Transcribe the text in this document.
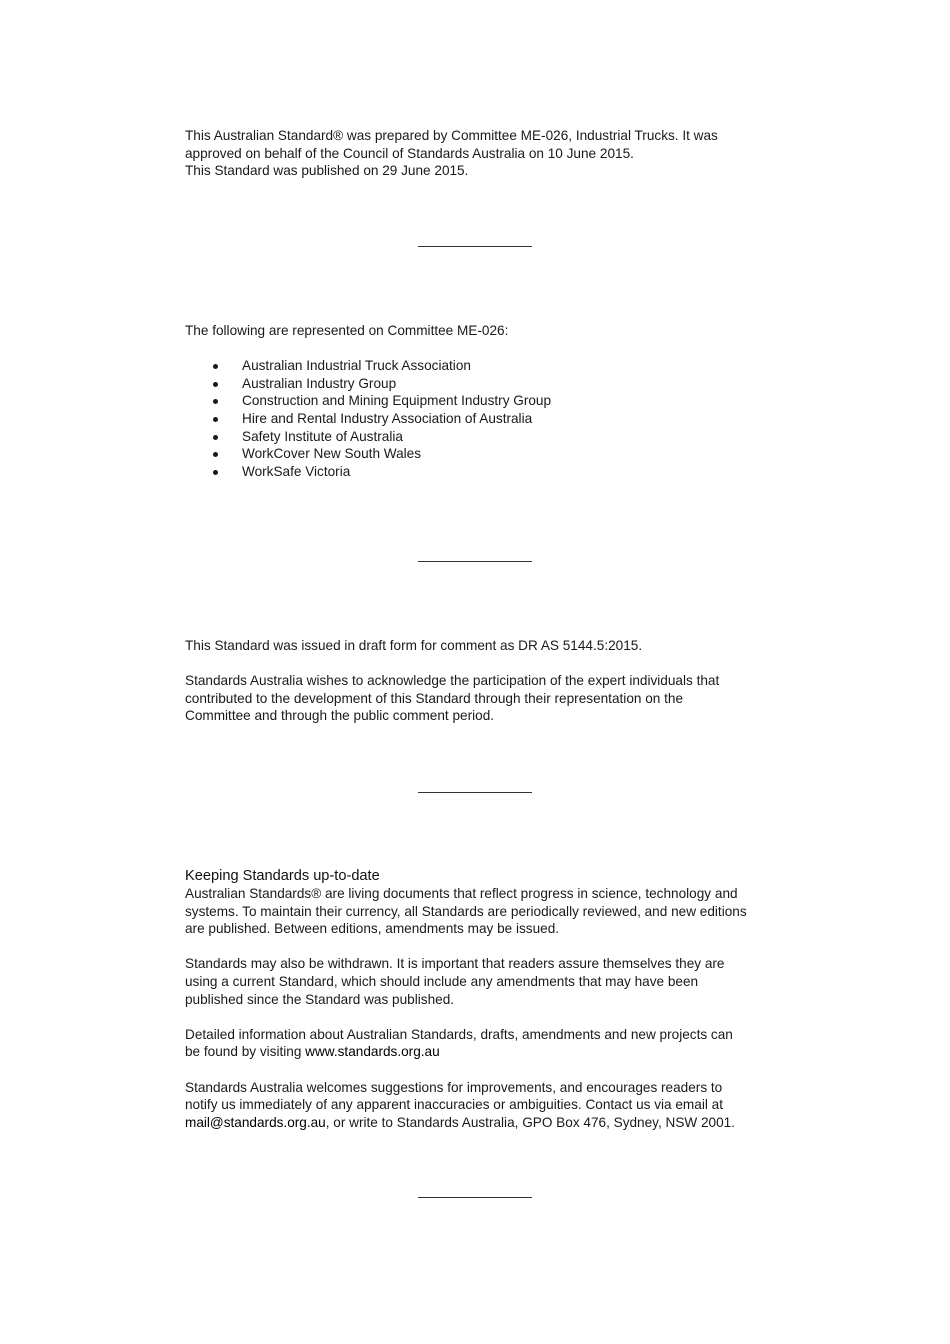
This Australian Standard® was prepared by Committee ME-026, Industrial Trucks. It was

approved on behalf of the Council of Standards Australia on 10 June 2015.

This Standard was published on 29 June 2015.

The following are represented on Committee ME-026:

Australian Industrial Truck Association
Australian Industry Group
Construction and Mining Equipment Industry Group
Hire and Rental Industry Association of Australia
Safety Institute of Australia
WorkCover New South Wales
WorkSafe Victoria

This Standard was issued in draft form for comment as DR AS 5144.5:2015.

Standards Australia wishes to acknowledge the participation of the expert individuals that

contributed to the development of this Standard through their representation on the

Committee and through the public comment period.

Keeping Standards up-to-date

Australian Standards® are living documents that reflect progress in science, technology and

systems. To maintain their currency, all Standards are periodically reviewed, and new editions

are published. Between editions, amendments may be issued.

Standards may also be withdrawn. It is important that readers assure themselves they are

using a current Standard, which should include any amendments that may have been

published since the Standard was published.

Detailed information about Australian Standards, drafts, amendments and new projects can

be found by visiting www.standards.org.au

Standards Australia welcomes suggestions for improvements, and encourages readers to

notify us immediately of any apparent inaccuracies or ambiguities. Contact us via email at

mail@standards.org.au, or write to Standards Australia, GPO Box 476, Sydney, NSW 2001.
